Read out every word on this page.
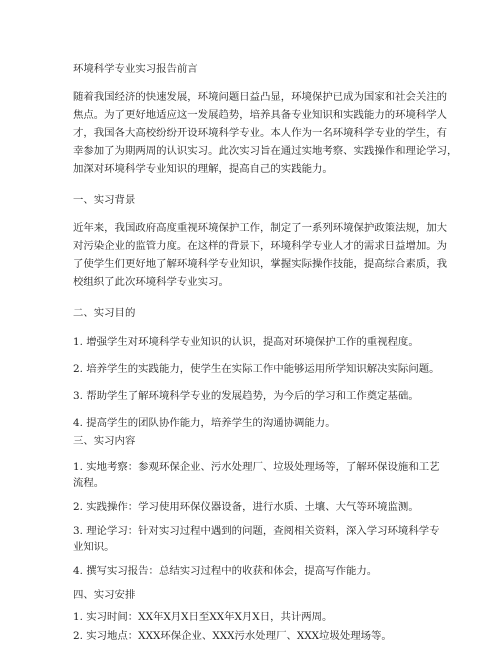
环境科学专业实习报告前言
随着我国经济的快速发展，环境问题日益凸显，环境保护已成为国家和社会关注的
焦点。为了更好地适应这一发展趋势，培养具备专业知识和实践能力的环境科学人
才，我国各大高校纷纷开设环境科学专业。本人作为一名环境科学专业的学生，有
幸参加了为期两周的认识实习。此次实习旨在通过实地考察、实践操作和理论学习，
加深对环境科学专业知识的理解，提高自己的实践能力。
一、实习背景
近年来，我国政府高度重视环境保护工作，制定了一系列环境保护政策法规，加大
对污染企业的监管力度。在这样的背景下，环境科学专业人才的需求日益增加。为
了使学生们更好地了解环境科学专业知识，掌握实际操作技能，提高综合素质，我
校组织了此次环境科学专业实习。
二、实习目的
1. 增强学生对环境科学专业知识的认识，提高对环境保护工作的重视程度。
2. 培养学生的实践能力，使学生在实际工作中能够运用所学知识解决实际问题。
3. 帮助学生了解环境科学专业的发展趋势，为今后的学习和工作奠定基础。
4. 提高学生的团队协作能力，培养学生的沟通协调能力。
三、实习内容
1. 实地考察：参观环保企业、污水处理厂、垃圾处理场等，了解环保设施和工艺
流程。
2. 实践操作：学习使用环保仪器设备，进行水质、土壤、大气等环境监测。
3. 理论学习：针对实习过程中遇到的问题，查阅相关资料，深入学习环境科学专
业知识。
4. 撰写实习报告：总结实习过程中的收获和体会，提高写作能力。
四、实习安排
1. 实习时间：XX年X月X日至XX年X月X日，共计两周。
2. 实习地点：XXX环保企业、XXX污水处理厂、XXX垃圾处理场等。
